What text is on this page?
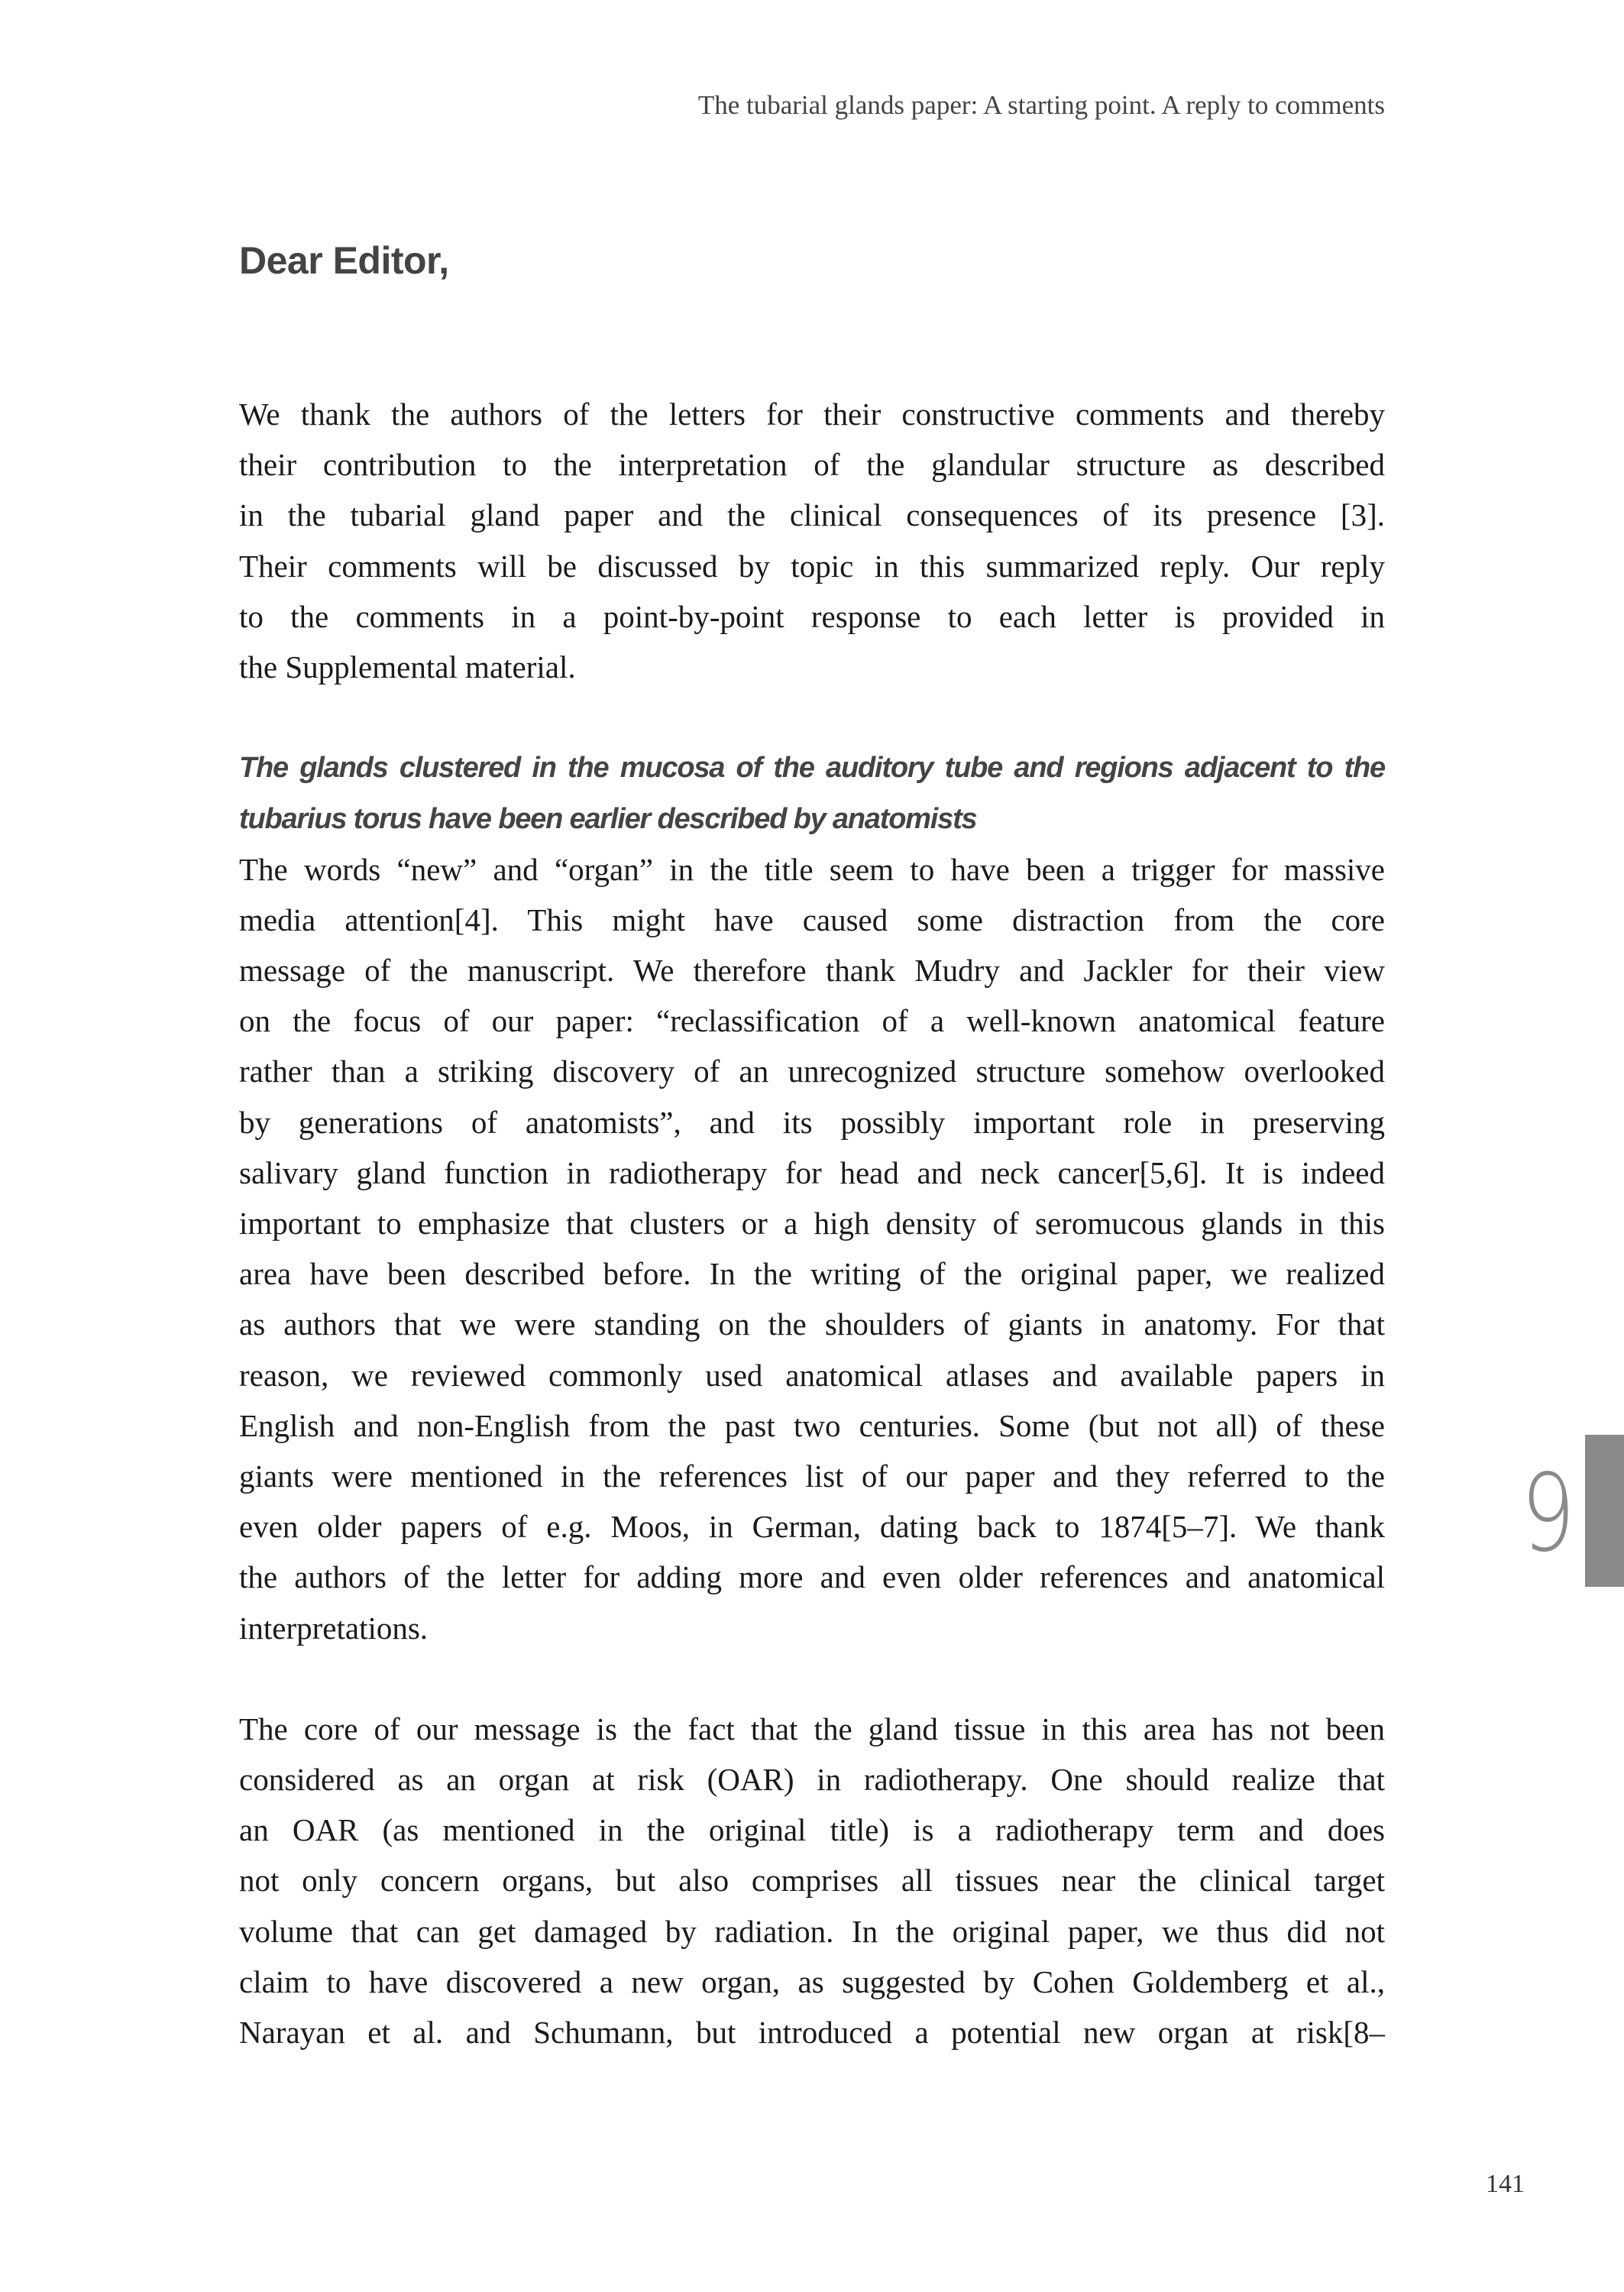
The tubarial glands paper: A starting point. A reply to comments
Dear Editor,
We thank the authors of the letters for their constructive comments and thereby
their contribution to the interpretation of the glandular structure as described
in the tubarial gland paper and the clinical consequences of its presence [3].
Their comments will be discussed by topic in this summarized reply. Our reply
to the comments in a point-by-point response to each letter is provided in
the Supplemental material.
The glands clustered in the mucosa of the auditory tube and regions adjacent to the
tubarius torus have been earlier described by anatomists
The words “new” and “organ” in the title seem to have been a trigger for massive
media attention[4]. This might have caused some distraction from the core
message of the manuscript. We therefore thank Mudry and Jackler for their view
on the focus of our paper: “reclassification of a well-known anatomical feature
rather than a striking discovery of an unrecognized structure somehow overlooked
by generations of anatomists”, and its possibly important role in preserving
salivary gland function in radiotherapy for head and neck cancer[5,6]. It is indeed
important to emphasize that clusters or a high density of seromucous glands in this
area have been described before. In the writing of the original paper, we realized
as authors that we were standing on the shoulders of giants in anatomy. For that
reason, we reviewed commonly used anatomical atlases and available papers in
English and non-English from the past two centuries. Some (but not all) of these
giants were mentioned in the references list of our paper and they referred to the
even older papers of e.g. Moos, in German, dating back to 1874[5–7]. We thank
the authors of the letter for adding more and even older references and anatomical
interpretations.
The core of our message is the fact that the gland tissue in this area has not been
considered as an organ at risk (OAR) in radiotherapy. One should realize that
an OAR (as mentioned in the original title) is a radiotherapy term and does
not only concern organs, but also comprises all tissues near the clinical target
volume that can get damaged by radiation. In the original paper, we thus did not
claim to have discovered a new organ, as suggested by Cohen Goldemberg et al.,
Narayan et al. and Schumann, but introduced a potential new organ at risk[8–
9
141
